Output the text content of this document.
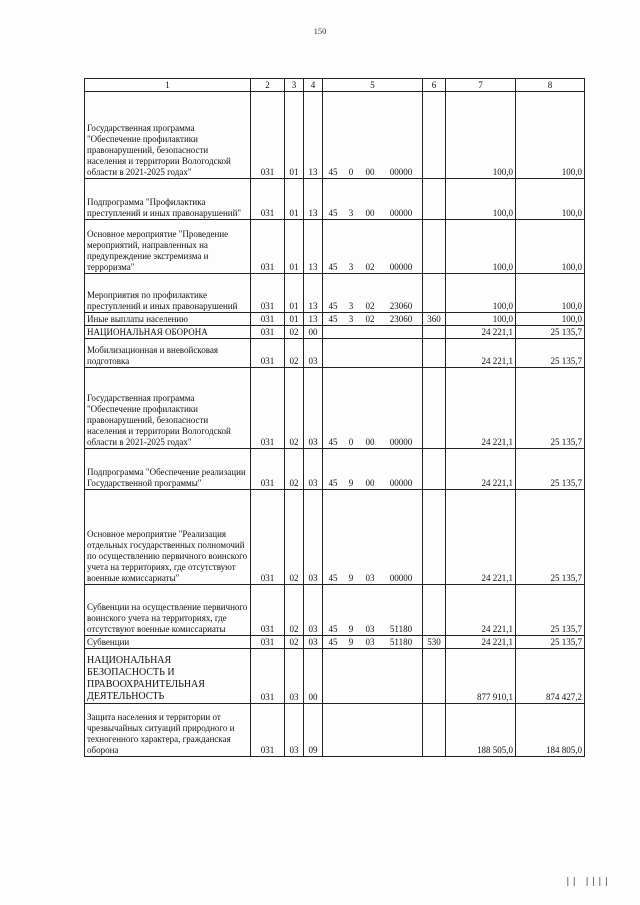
150
1	2	3	4	5	6	7	8
Государственная программа "Обеспечение профилактики правонарушений, безопасности населения и территории Вологодской области в 2021-2025 годах"	031	01	13	45 0 00 00000		100,0	100,0
Подпрограмма "Профилактика преступлений и иных правонарушений"	031	01	13	45 3 00 00000		100,0	100,0
Основное мероприятие "Проведение мероприятий, направленных на предупреждение экстремизма и терроризма"	031	01	13	45 3 02 00000		100,0	100,0
Мероприятия по профилактике преступлений и иных правонарушений	031	01	13	45 3 02 23060		100,0	100,0
Иные выплаты населению	031	01	13	45 3 02 23060	360	100,0	100,0
НАЦИОНАЛЬНАЯ ОБОРОНА	031	02	00			24 221,1	25 135,7
Мобилизационная и вневойсковая подготовка	031	02	03			24 221,1	25 135,7
Государственная программа "Обеспечение профилактики правонарушений, безопасности населения и территории Вологодской области в 2021-2025 годах"	031	02	03	45 0 00 00000		24 221,1	25 135,7
Подпрограмма "Обеспечение реализации Государственной программы"	031	02	03	45 9 00 00000		24 221,1	25 135,7
Основное мероприятие "Реализация отдельных государственных полномочий по осуществлению первичного воинского учета на территориях, где отсутствуют военные комиссариаты"	031	02	03	45 9 03 00000		24 221,1	25 135,7
Субвенции на осуществление первичного воинского учета на территориях, где отсутствуют военные комиссариаты	031	02	03	45 9 03 51180		24 221,1	25 135,7
Субвенции	031	02	03	45 9 03 51180	530	24 221,1	25 135,7
НАЦИОНАЛЬНАЯ БЕЗОПАСНОСТЬ И ПРАВООХРАНИТЕЛЬНАЯ ДЕЯТЕЛЬНОСТЬ	031	03	00			877 910,1	874 427,2
Защита населения и территории от чрезвычайных ситуаций природного и техногенного характера, гражданская оборона	031	03	09			188 505,0	184 805,0
|| ||||
